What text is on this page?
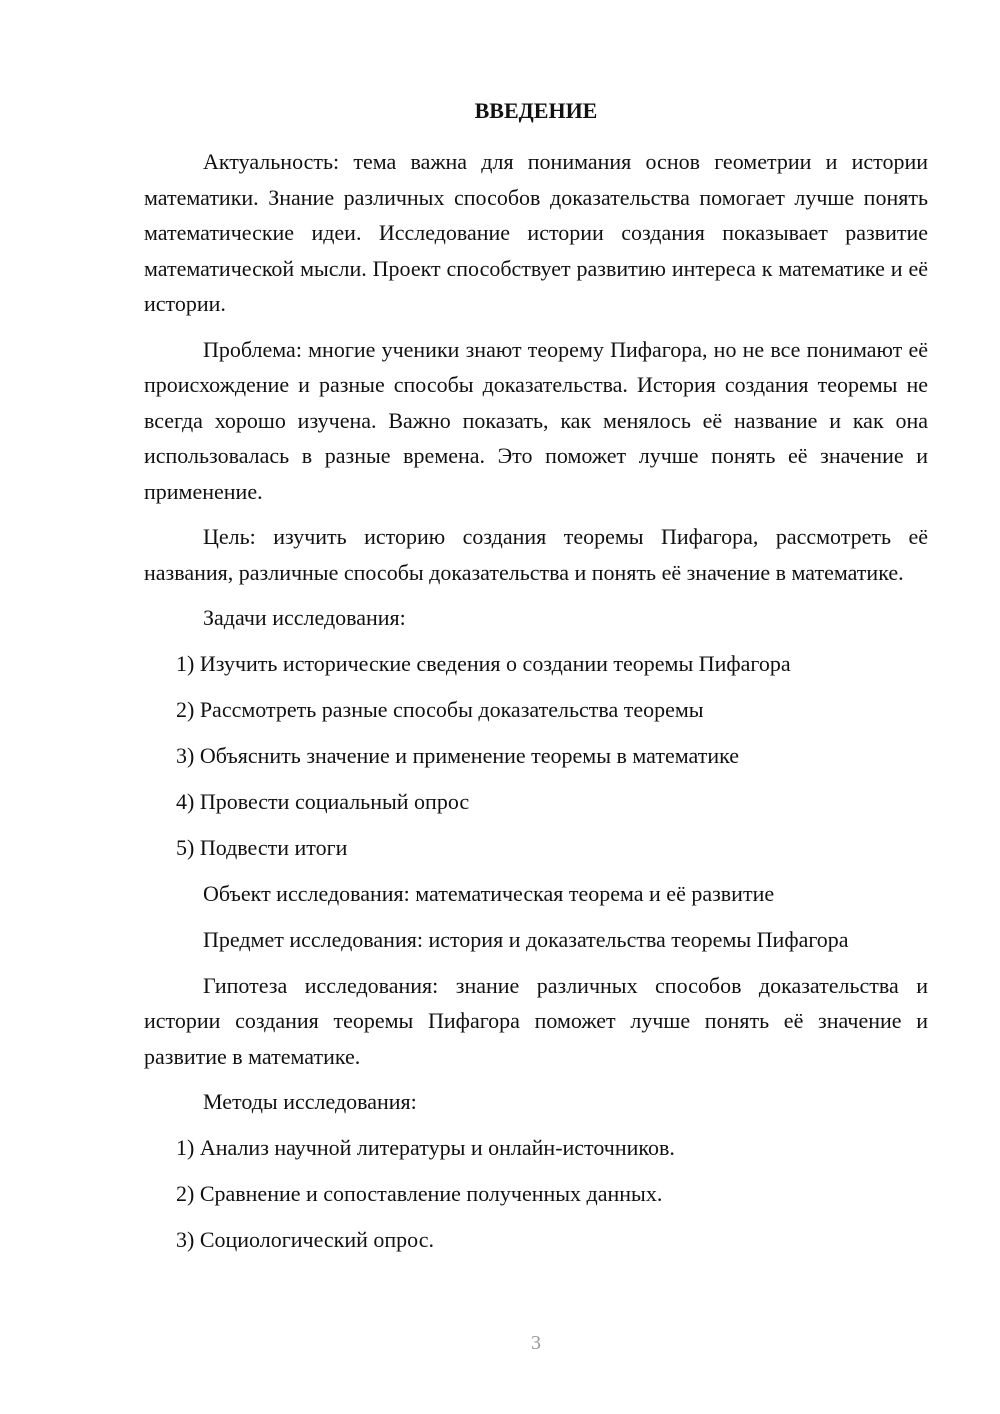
ВВЕДЕНИЕ

Актуальность: тема важна для понимания основ геометрии и истории математики. Знание различных способов доказательства помогает лучше понять математические идеи. Исследование истории создания показывает развитие математической мысли. Проект способствует развитию интереса к математике и её истории.

Проблема: многие ученики знают теорему Пифагора, но не все понимают её происхождение и разные способы доказательства. История создания теоремы не всегда хорошо изучена. Важно показать, как менялось её название и как она использовалась в разные времена. Это поможет лучше понять её значение и применение.

Цель: изучить историю создания теоремы Пифагора, рассмотреть её названия, различные способы доказательства и понять её значение в математике.

Задачи исследования:

1) Изучить исторические сведения о создании теоремы Пифагора

2) Рассмотреть разные способы доказательства теоремы

3) Объяснить значение и применение теоремы в математике

4) Провести социальный опрос

5) Подвести итоги

Объект исследования: математическая теорема и её развитие

Предмет исследования: история и доказательства теоремы Пифагора

Гипотеза исследования: знание различных способов доказательства и истории создания теоремы Пифагора поможет лучше понять её значение и развитие в математике.

Методы исследования:

1) Анализ научной литературы и онлайн-источников.

2) Сравнение и сопоставление полученных данных.

3) Социологический опрос.

3
